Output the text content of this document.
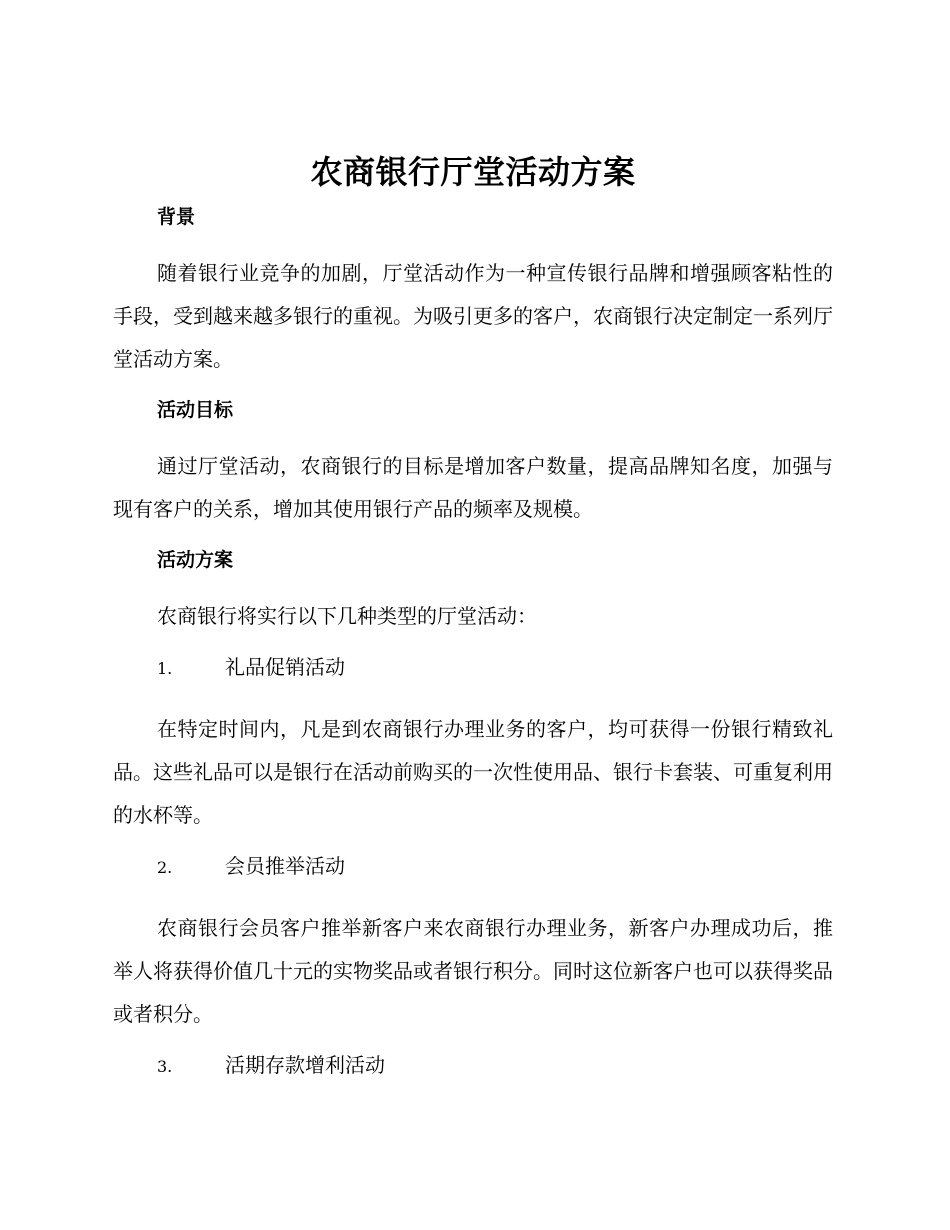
农商银行厅堂活动方案
背景

随着银行业竞争的加剧，厅堂活动作为一种宣传银行品牌和增强顾客粘性的手段，受到越来越多银行的重视。为吸引更多的客户，农商银行决定制定一系列厅堂活动方案。

活动目标

通过厅堂活动，农商银行的目标是增加客户数量，提高品牌知名度，加强与现有客户的关系，增加其使用银行产品的频率及规模。

活动方案

农商银行将实行以下几种类型的厅堂活动：

1.	礼品促销活动

在特定时间内，凡是到农商银行办理业务的客户，均可获得一份银行精致礼品。这些礼品可以是银行在活动前购买的一次性使用品、银行卡套装、可重复利用的水杯等。

2.	会员推举活动

农商银行会员客户推举新客户来农商银行办理业务，新客户办理成功后，推举人将获得价值几十元的实物奖品或者银行积分。同时这位新客户也可以获得奖品或者积分。

3.	活期存款增利活动
